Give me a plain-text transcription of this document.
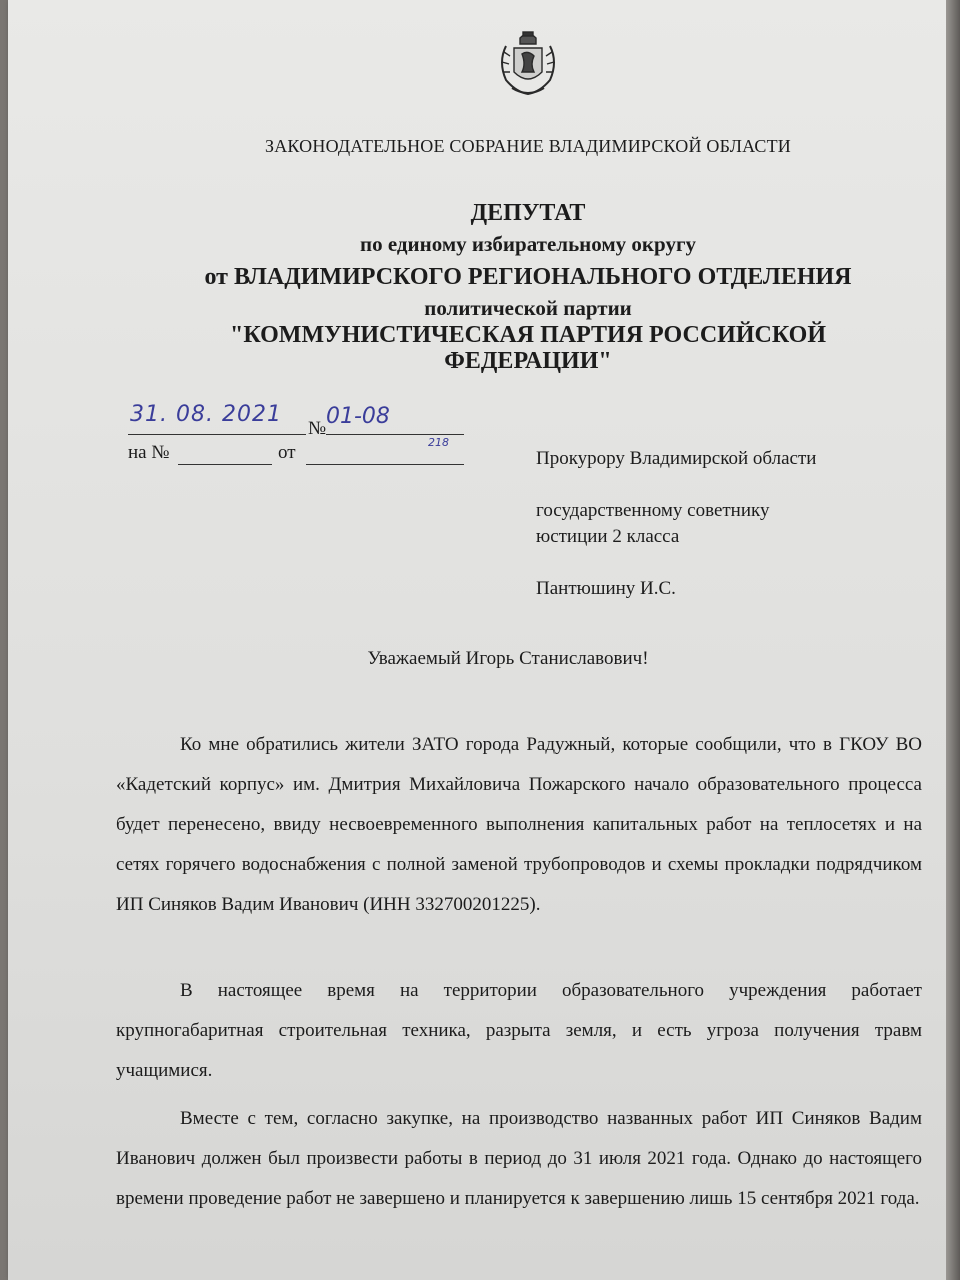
ЗАКОНОДАТЕЛЬНОЕ СОБРАНИЕ ВЛАДИМИРСКОЙ ОБЛАСТИ
ДЕПУТАТ
по единому избирательному округу
от ВЛАДИМИРСКОГО РЕГИОНАЛЬНОГО ОТДЕЛЕНИЯ
политической партии
"КОММУНИСТИЧЕСКАЯ ПАРТИЯ РОССИЙСКОЙ
ФЕДЕРАЦИИ"
31. 08. 2021
№ 01-08
218
на №	от	Прокурору Владимирской области
государственному советнику
юстиции 2 класса
Пантюшину И.С.
Уважаемый Игорь Станиславович!

Ко мне обратились жители ЗАТО города Радужный, которые сообщили, что в ГКОУ ВО «Кадетский корпус» им. Дмитрия Михайловича Пожарского начало образовательного процесса будет перенесено, ввиду несвоевременного выполнения капитальных работ на теплосетях и на сетях горячего водоснабжения с полной заменой трубопроводов и схемы прокладки подрядчиком ИП Синяков Вадим Иванович (ИНН 332700201225).

В настоящее время на территории образовательного учреждения работает крупногабаритная строительная техника, разрыта земля, и есть угроза получения травм учащимися.

Вместе с тем, согласно закупке, на производство названных работ ИП Синяков Вадим Иванович должен был произвести работы в период до 31 июля 2021 года. Однако до настоящего времени проведение работ не завершено и планируется к завершению лишь 15 сентября 2021 года.
